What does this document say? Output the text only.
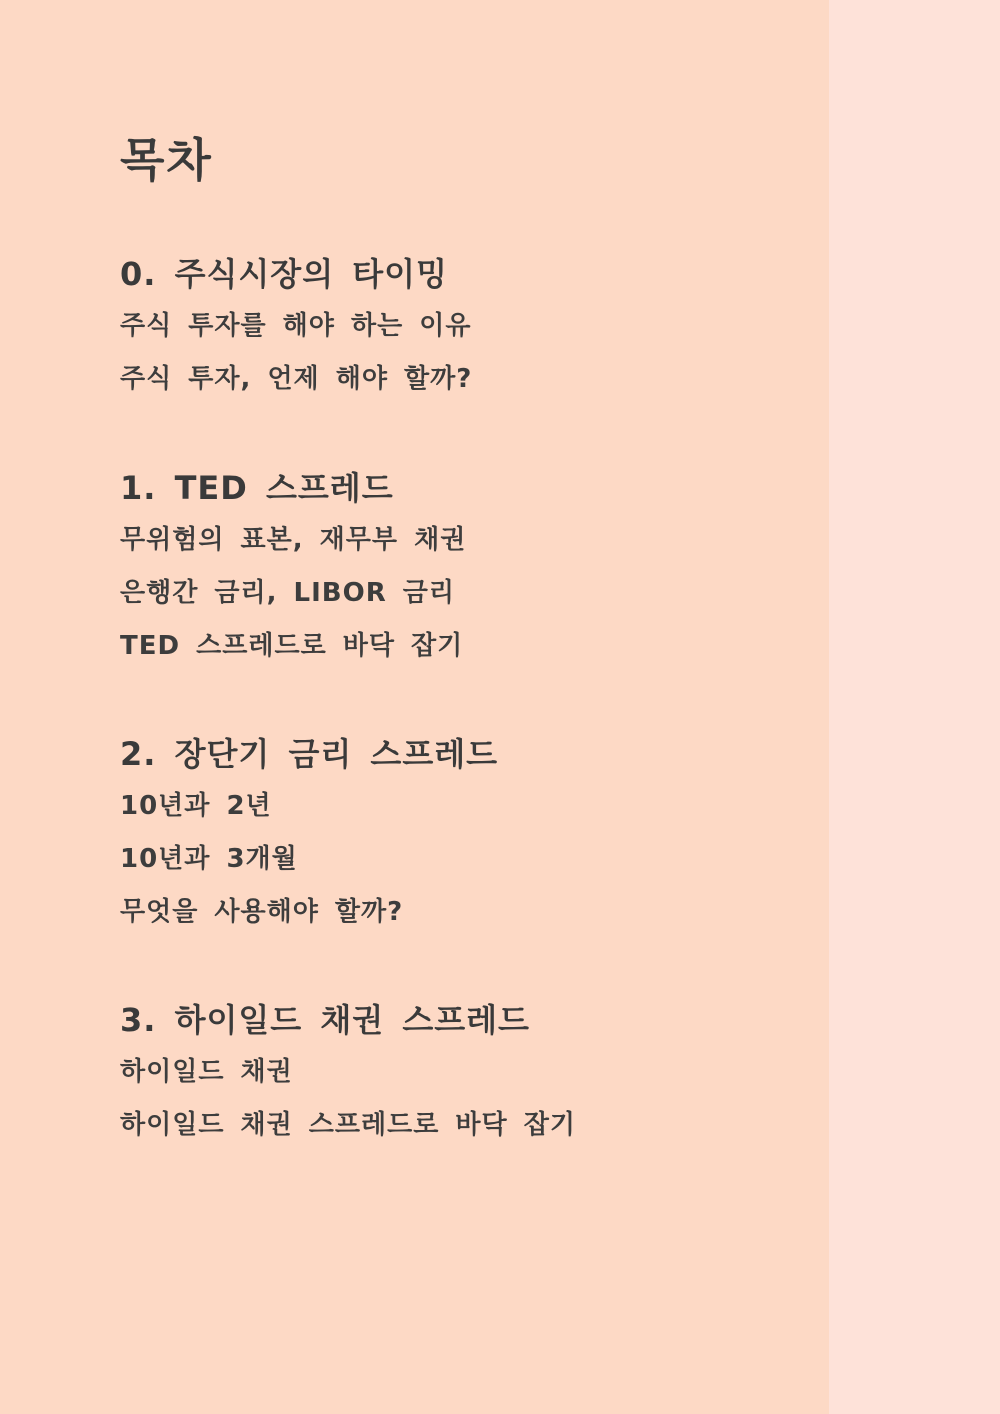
목차
0. 주식시장의 타이밍
주식 투자를 해야 하는 이유
주식 투자, 언제 해야 할까?
1. TED 스프레드
무위험의 표본, 재무부 채권
은행간 금리, LIBOR 금리
TED 스프레드로 바닥 잡기
2. 장단기 금리 스프레드
10년과 2년
10년과 3개월
무엇을 사용해야 할까?
3. 하이일드 채권 스프레드
하이일드 채권
하이일드 채권 스프레드로 바닥 잡기
